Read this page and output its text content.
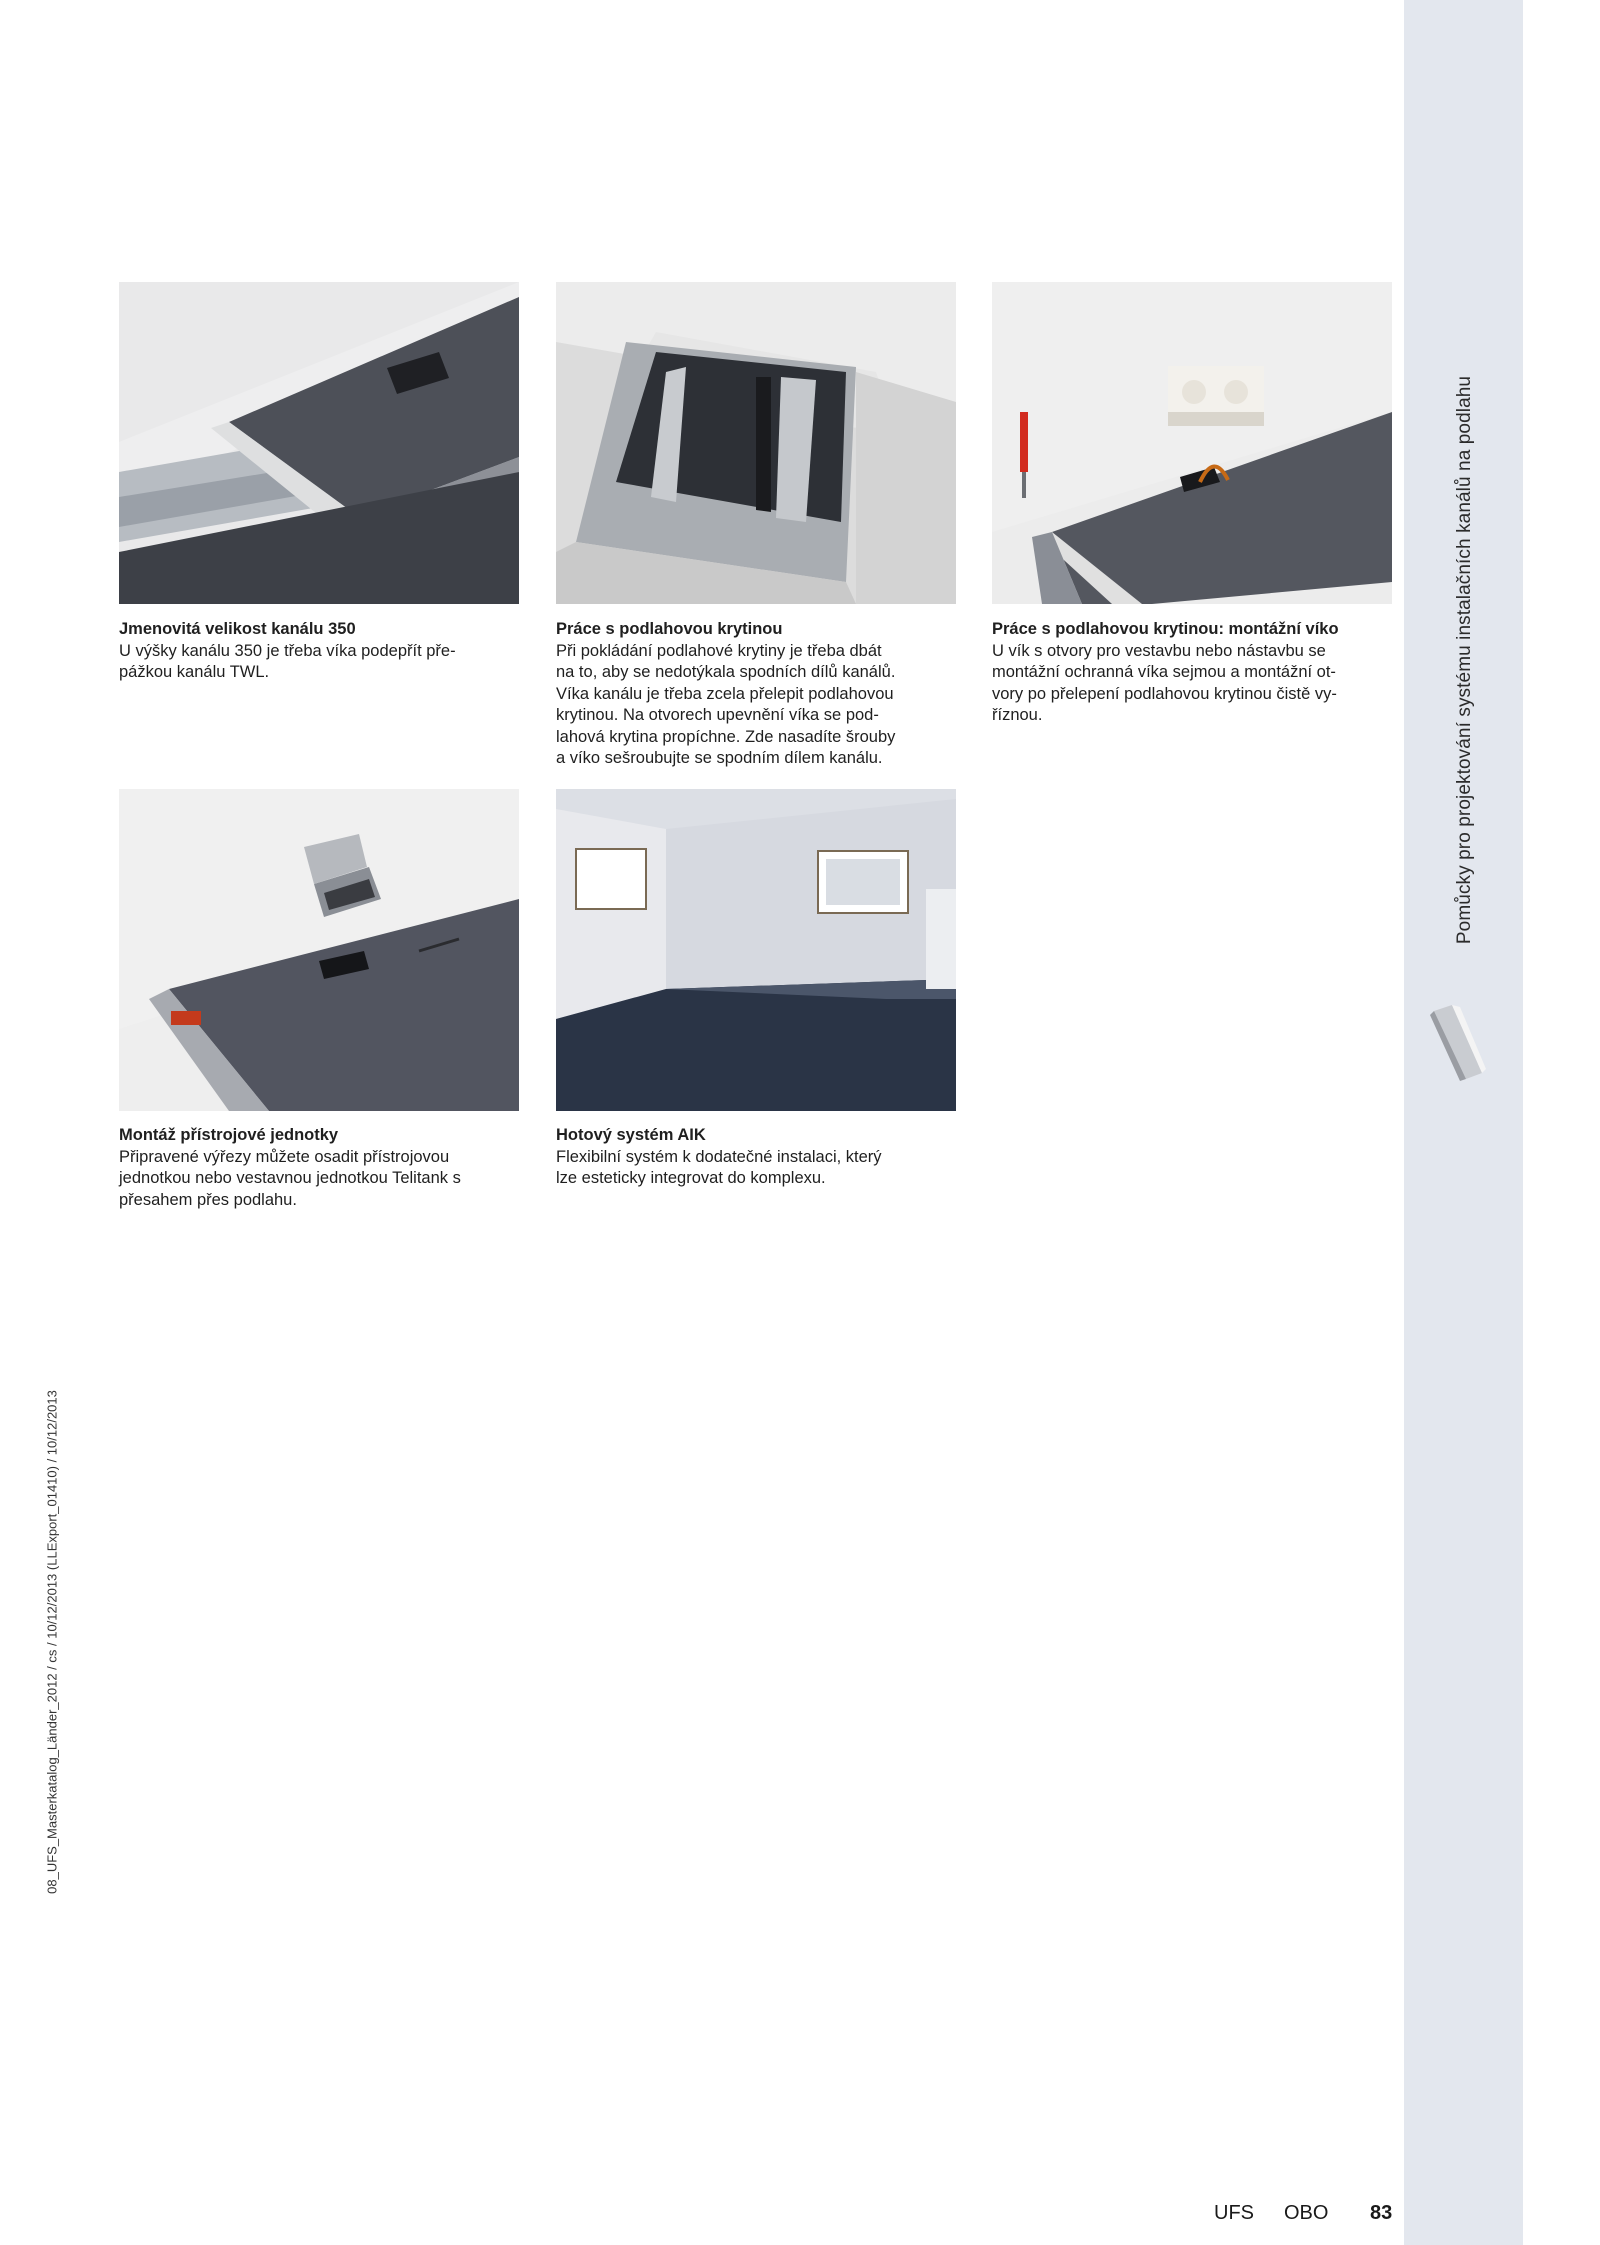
Pomůcky pro projektování systému instalačních kanálů na podlahu
08_UFS_Masterkatalog_Länder_2012 / cs / 10/12/2013 (LLExport_01410) / 10/12/2013
Jmenovitá velikost kanálu 350
U výšky kanálu 350 je třeba víka podepřít pře-
pážkou kanálu TWL.
Práce s podlahovou krytinou
Při pokládání podlahové krytiny je třeba dbát
na to, aby se nedotýkala spodních dílů kanálů.
Víka kanálu je třeba zcela přelepit podlahovou
krytinou. Na otvorech upevnění víka se pod-
lahová krytina propíchne. Zde nasadíte šrouby
a víko sešroubujte se spodním dílem kanálu.
Práce s podlahovou krytinou: montážní víko
U vík s otvory pro vestavbu nebo nástavbu se
montážní ochranná víka sejmou a montážní ot-
vory po přelepení podlahovou krytinou čistě vy-
říznou.
Montáž přístrojové jednotky
Připravené výřezy můžete osadit přístrojovou
jednotkou nebo vestavnou jednotkou Telitank s
přesahem přes podlahu.
Hotový systém AIK
Flexibilní systém k dodatečné instalaci, který
lze esteticky integrovat do komplexu.
UFS OBO 83
